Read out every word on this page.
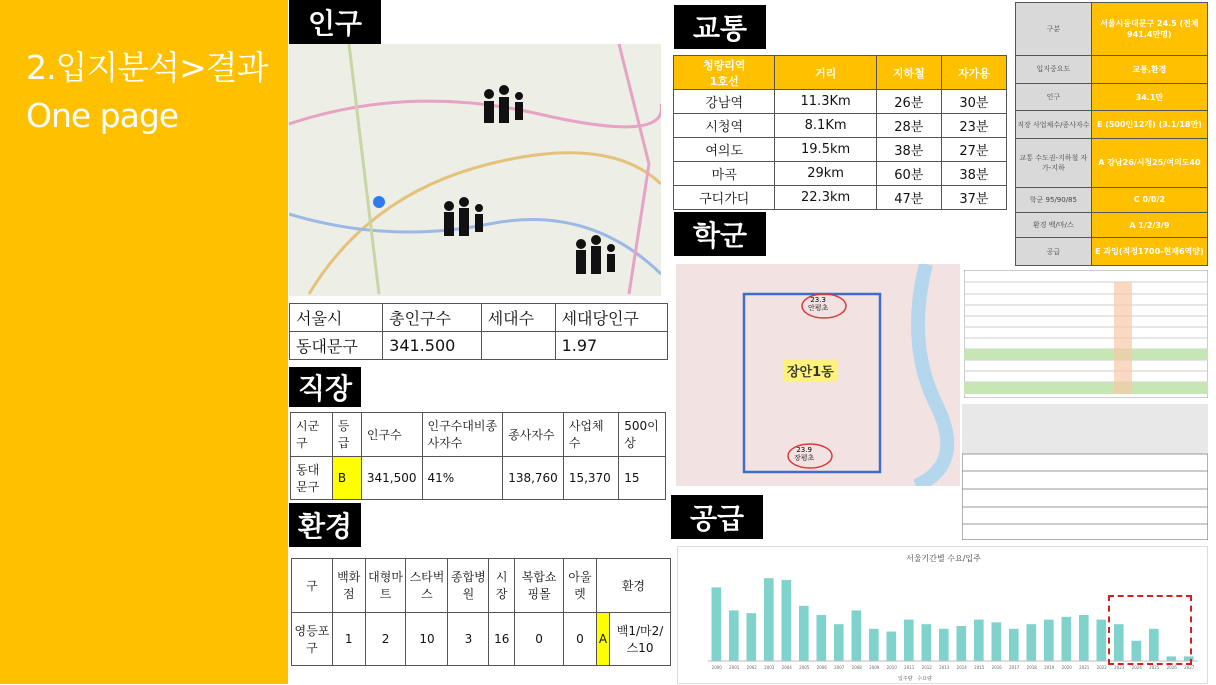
2.입지분석>결과
One page
인구
서울시	총인구수	세대수	세대당인구
동대문구	341.500		1.97
직장
시군구	등급	인구수	인구수대비종사자수	종사자수	사업체수	500이상
동대문구	B	341,500	41%	138,760	15,370	15
환경
구	백화점	대형마트	스타벅스	종합병원	시장	복합쇼핑몰	아울렛	환경	
영등포구	1	2	10	3	16	0	0	A	백1/마2/스10
교통
청량리역
1호선	거리	지하철	자가용
강남역	11.3Km	26분	30분
시청역	8.1Km	28분	23분
여의도	19.5km	38분	27분
마곡	29km	60분	38분
구디가디	22.3km	47분	37분
구분	서울시동대문구 24.5 (전체 941.4만명)
입지중요도	교통,환경
인구	34.1만
직장 사업체수/종사자수	E (500인12개) (3.1/18만)
교통 수도권-지하철 자가-지하	A 강남26/시청25/여의도40
학군 95/90/85	C 0/0/2
환경 백/마/스	A 1/2/3/9
공급	E 과잉(적정1700-현재6역양)
학군
장안1동
23.3
안평초
23.9
장평초
공급
서울기간별 수요/입주
2000 2001 2002 2003 2004 2005 2006 2007 2008 2009 2010 2011 2012 2013 2014 2015 2016 2017 2018 2019 2020 2021 2022 2023 2024 2025 2026 2027
입주량 수요량
